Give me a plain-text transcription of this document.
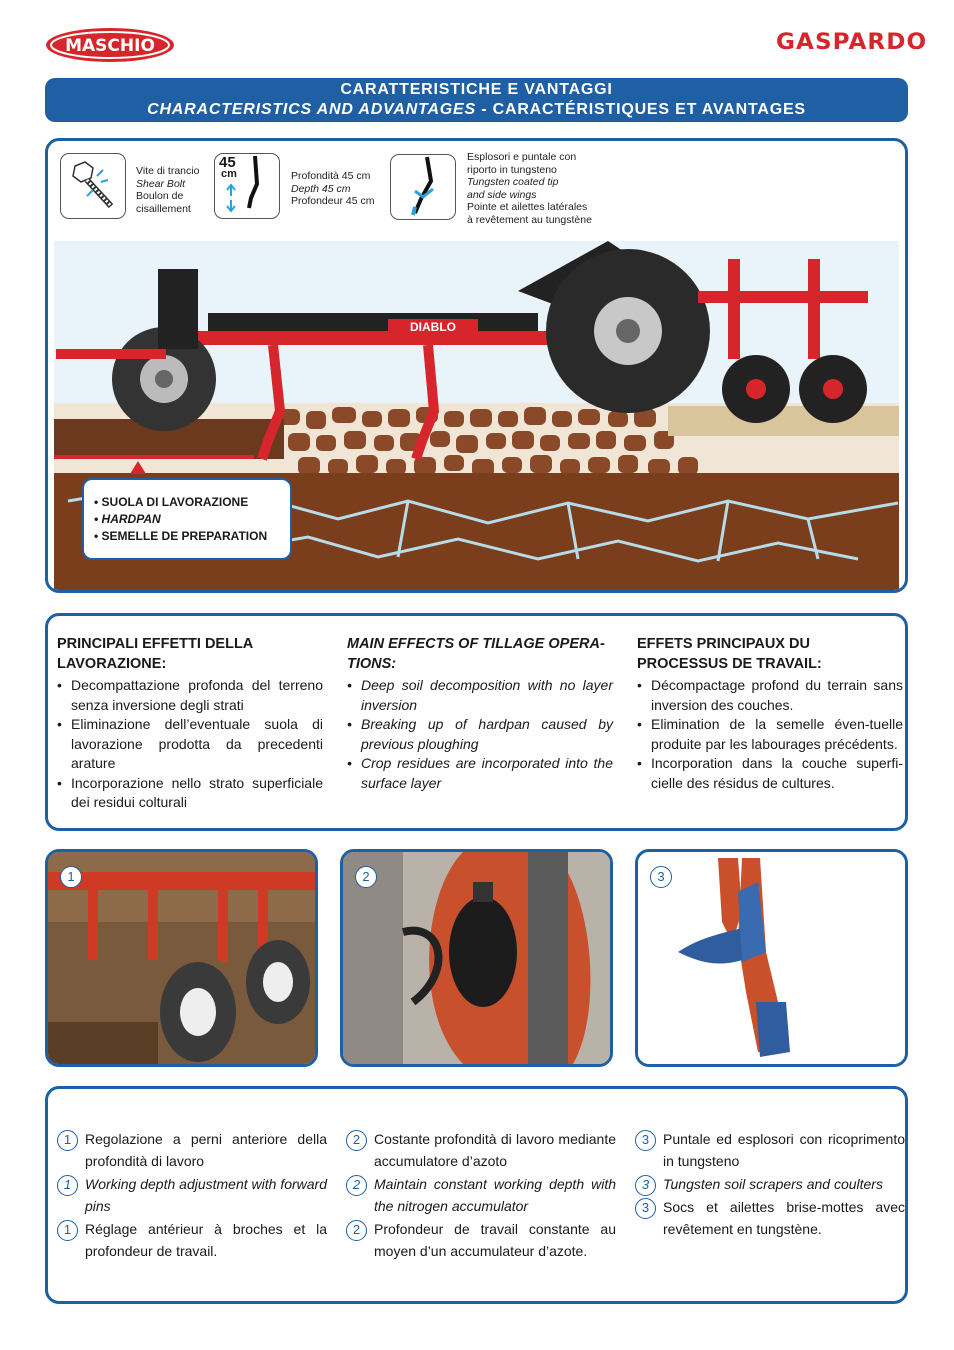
MASCHIO	GASPARDO
CARATTERISTICHE E VANTAGGI
CHARACTERISTICS AND ADVANTAGES - CARACTÉRISTIQUES ET AVANTAGES
DIABLO
Vite di trancio
Shear Bolt
Boulon de
cisaillement
45
cm	Profondità 45 cm
Depth 45 cm
Profondeur 45 cm
Esplosori e puntale con
riporto in tungsteno
Tungsten coated tip
and side wings
Pointe et ailettes latérales
à revêtement au tungstène
• SUOLA DI LAVORAZIONE
• HARDPAN
• SEMELLE DE PREPARATION
PRINCIPALI EFFETTI DELLA LAVORAZIONE:
• Decompattazione profonda del terreno senza inversione degli strati
• Eliminazione dell’eventuale suola di lavorazione prodotta da precedenti arature
• Incorporazione nello strato superficiale dei residui colturali
MAIN EFFECTS OF TILLAGE OPERA-TIONS:
• Deep soil decomposition with no layer inversion
• Breaking up of hardpan caused by previous ploughing
• Crop residues are incorporated into the surface layer
EFFETS PRINCIPAUX DU PROCESSUS DE TRAVAIL:
• Décompactage profond du terrain sans inversion des couches.
• Elimination de la semelle éven-tuelle produite par les labourages précédents.
• Incorporation dans la couche superfi-cielle des résidus de cultures.
1	2	3
1 Regolazione a perni anteriore della profondità di lavoro
1 Working depth adjustment with forward pins
1 Réglage antérieur à broches et la profondeur de travail.
2 Costante profondità di lavoro mediante accumulatore d’azoto
2 Maintain constant working depth with the nitrogen accumulator
2 Profondeur de travail constante au moyen d’un accumulateur d’azote.
3 Puntale ed esplosori con ricoprimento in tungsteno
3 Tungsten soil scrapers and coulters
3 Socs et ailettes brise-mottes avec revêtement en tungstène.
